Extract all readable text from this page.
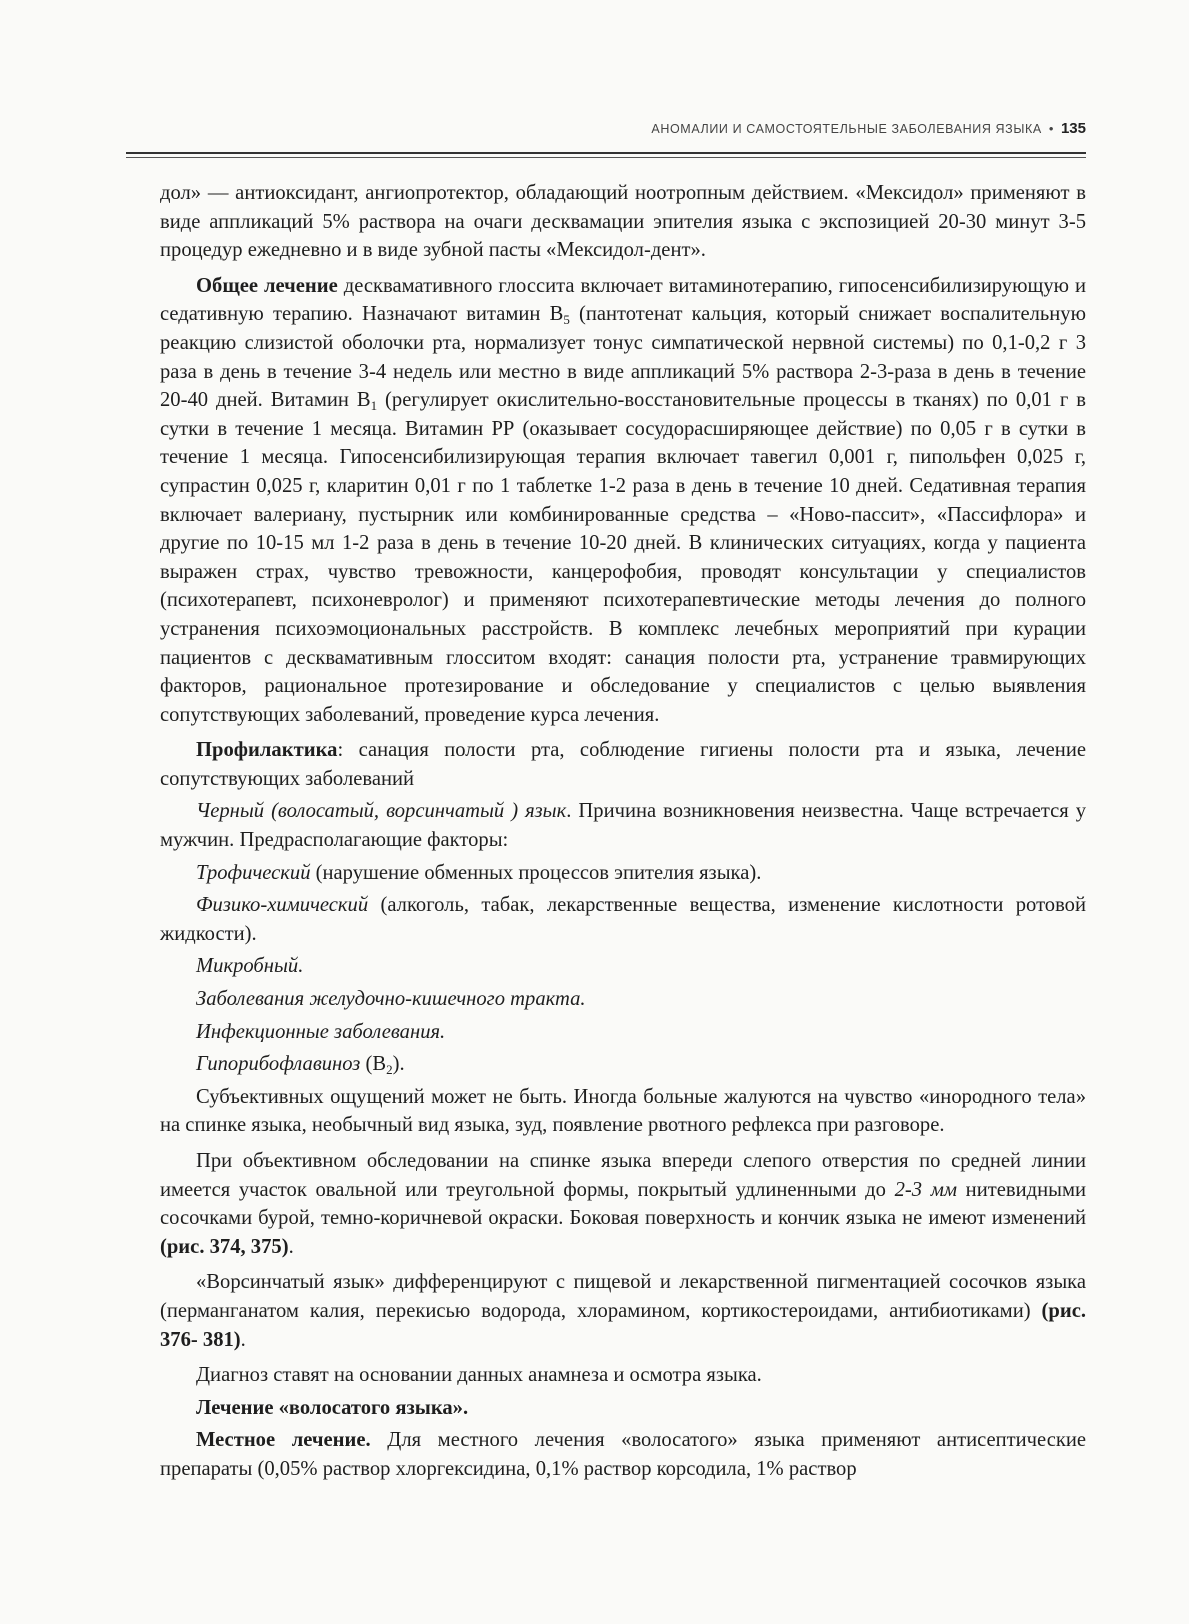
АНОМАЛИИ И САМОСТОЯТЕЛЬНЫЕ ЗАБОЛЕВАНИЯ ЯЗЫКА • 135

дол» — антиоксидант, ангиопротектор, обладающий ноотропным действием. «Мексидол» применяют в виде аппликаций 5% раствора на очаги десквамации эпителия языка с экспозицией 20-30 минут 3-5 процедур ежедневно и в виде зубной пасты «Мексидол-дент».

Общее лечение десквамативного глоссита включает витаминотерапию, гипосенсибилизирующую и седативную терапию. Назначают витамин $В_5$ (пантотенат кальция, который снижает воспалительную реакцию слизистой оболочки рта, нормализует тонус симпатической нервной системы) по 0,1-0,2 г 3 раза в день в течение 3-4 недель или местно в виде аппликаций 5% раствора 2-3-раза в день в течение 20-40 дней. Витамин $В_1$ (регулирует окислительно-восстановительные процессы в тканях) по 0,01 г в сутки в течение 1 месяца. Витамин РР (оказывает сосудорасширяющее действие) по 0,05 г в сутки в течение 1 месяца. Гипосенсибилизирующая терапия включает тавегил 0,001 г, пипольфен 0,025 г, супрастин 0,025 г, кларитин 0,01 г по 1 таблетке 1-2 раза в день в течение 10 дней. Седативная терапия включает валериану, пустырник или комбинированные средства – «Ново-пассит», «Пассифлора» и другие по 10-15 мл 1-2 раза в день в течение 10-20 дней. В клинических ситуациях, когда у пациента выражен страх, чувство тревожности, канцерофобия, проводят консультации у специалистов (психотерапевт, психоневролог) и применяют психотерапевтические методы лечения до полного устранения психоэмоциональных расстройств. В комплекс лечебных мероприятий при курации пациентов с десквамативным глосситом входят: санация полости рта, устранение травмирующих факторов, рациональное протезирование и обследование у специалистов с целью выявления сопутствующих заболеваний, проведение курса лечения.

Профилактика: санация полости рта, соблюдение гигиены полости рта и языка, лечение сопутствующих заболеваний

Черный (волосатый, ворсинчатый ) язык. Причина возникновения неизвестна. Чаще встречается у мужчин. Предрасполагающие факторы:

Трофический (нарушение обменных процессов эпителия языка).

Физико-химический (алкоголь, табак, лекарственные вещества, изменение кислотности ротовой жидкости).

Микробный.

Заболевания желудочно-кишечного тракта.

Инфекционные заболевания.

Гипорибофлавиноз $(В_2)$.

Субъективных ощущений может не быть. Иногда больные жалуются на чувство «инородного тела» на спинке языка, необычный вид языка, зуд, появление рвотного рефлекса при разговоре.

При объективном обследовании на спинке языка впереди слепого отверстия по средней линии имеется участок овальной или треугольной формы, покрытый удлиненными до 2-3 мм нитевидными сосочками бурой, темно-коричневой окраски. Боковая поверхность и кончик языка не имеют изменений (рис. 374, 375).

«Ворсинчатый язык» дифференцируют с пищевой и лекарственной пигментацией сосочков языка (перманганатом калия, перекисью водорода, хлорамином, кортикостероидами, антибиотиками) (рис. 376- 381).

Диагноз ставят на основании данных анамнеза и осмотра языка.

Лечение «волосатого языка».

Местное лечение. Для местного лечения «волосатого» языка применяют антисептические препараты (0,05% раствор хлоргексидина, 0,1% раствор корсодила, 1% раствор
